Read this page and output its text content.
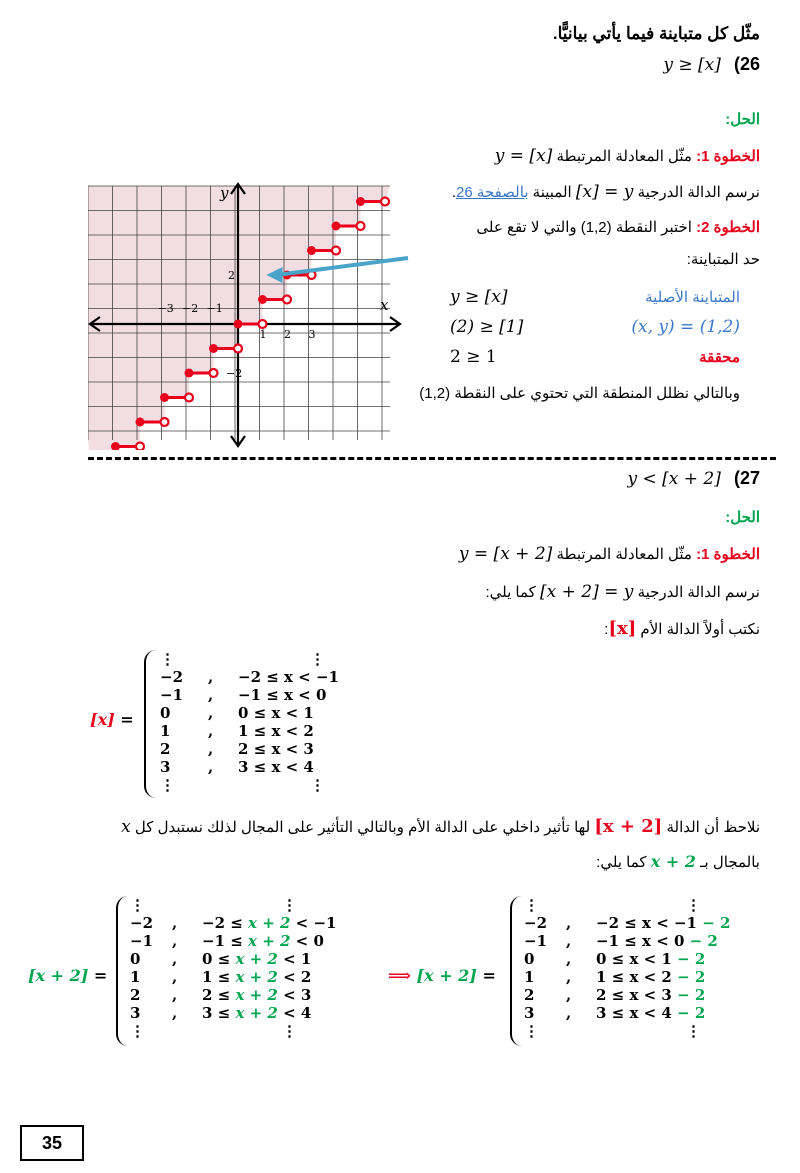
مثّل كل متباينة فيما يأتي بيانيًّا.
y ≥ [x] (26
الحل:
الخطوة 1: مثّل المعادلة المرتبطة y = [x]
نرسم الدالة الدرجية [x] = y المبينة بالصفحة 26.
الخطوة 2: اختبر النقطة (1,2) والتي لا تقع على
حد المتباينة:
y ≥ [x]	المتباينة الأصلية
(2) ≥ [1]	(x, y) = (1,2)
2 ≥ 1	محققة
وبالتالي نظلل المنطقة التي تحتوي على النقطة (1,2)
x
y
−3 −2 −1
1 2 3
2
−2
y < [x + 2] (27
الحل:
الخطوة 1: مثّل المعادلة المرتبطة y = [x + 2]
نرسم الدالة الدرجية [x + 2] = y كما يلي:
نكتب أولاً الدالة الأم [x]:
[x] =
⋮	⋮
−2	,	−2 ≤ x < −1
−1	,	−1 ≤ x < 0
0	,	0 ≤ x < 1
1	,	1 ≤ x < 2
2	,	2 ≤ x < 3
3	,	3 ≤ x < 4
⋮	⋮
نلاحظ أن الدالة [x + 2] لها تأثير داخلي على الدالة الأم وبالتالي التأثير على المجال لذلك نستبدل كل x
بالمجال بـ x + 2 كما يلي:
[x + 2] =
⋮	⋮
−2	,	−2 ≤ x + 2 < −1
−1	,	−1 ≤ x + 2 < 0
0	,	0 ≤ x + 2 < 1
1	,	1 ≤ x + 2 < 2
2	,	2 ≤ x + 2 < 3
3	,	3 ≤ x + 2 < 4
⋮	⋮
⟹ [x + 2] =
⋮	⋮
−2	,	−2 ≤ x < −1 − 2
−1	,	−1 ≤ x < 0 − 2
0	,	0 ≤ x < 1 − 2
1	,	1 ≤ x < 2 − 2
2	,	2 ≤ x < 3 − 2
3	,	3 ≤ x < 4 − 2
⋮	⋮
35
